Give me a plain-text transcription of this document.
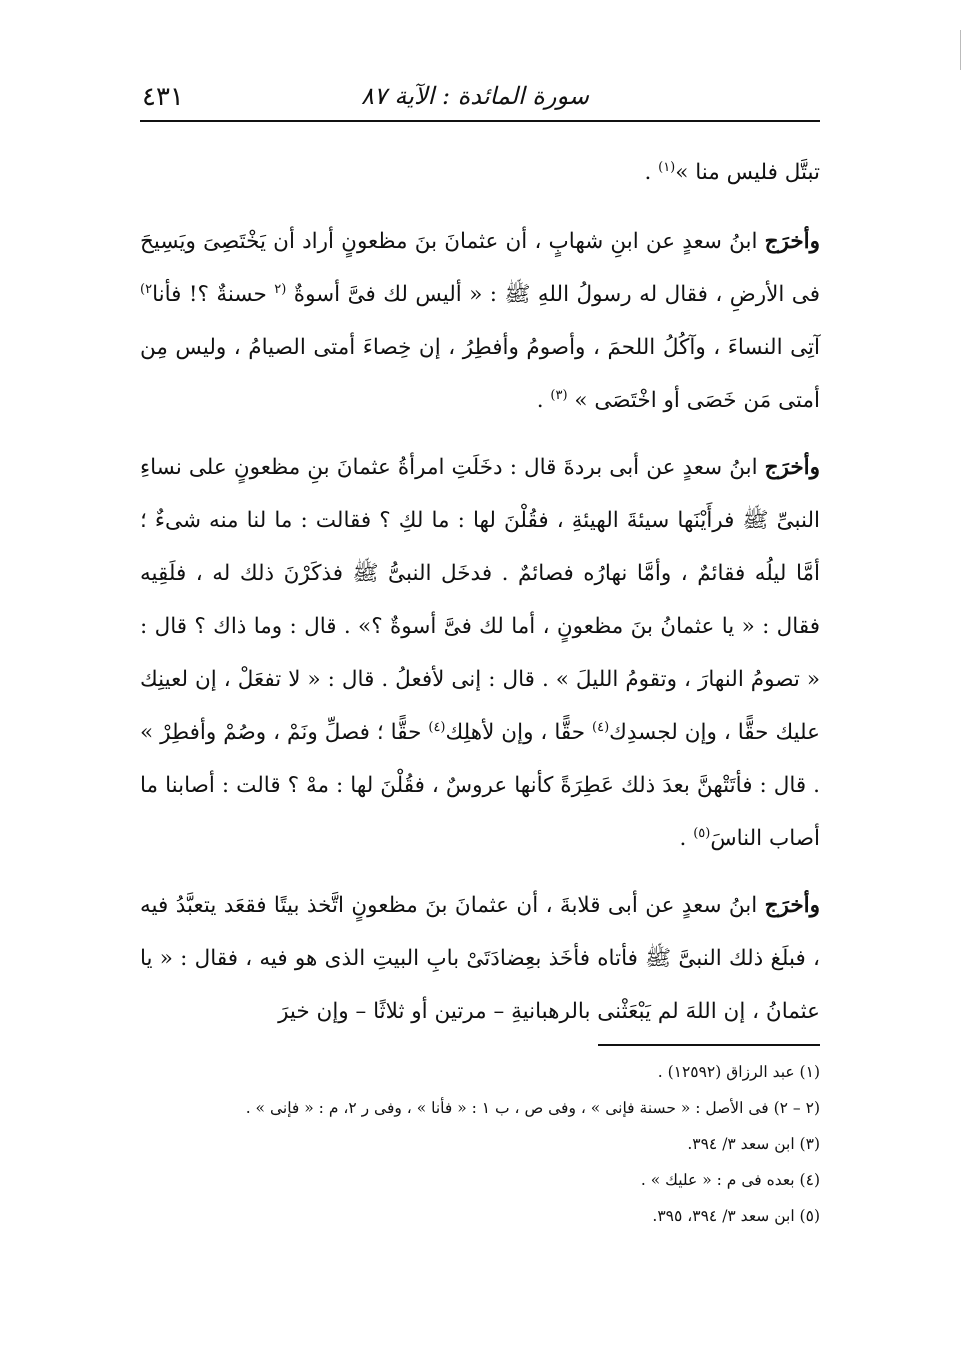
٤٣١	سورة المائدة : الآية ٨٧

تبتَّل فليس منا »$^{(١)}$ .

وأخرَج ابنُ سعدٍ عن ابنِ شهابٍ ، أن عثمانَ بنَ مظعونٍ أراد أن يَخْتَصِىَ ويَسِيحَ فى الأرضِ ، فقال له رسولُ اللهِ ﷺ : « أليس لك فىَّ أسوةٌ $^{(٢}$ حسنةٌ ؟! فأنا$^{٢)}$ آتِى النساءَ ، وآكُلُ اللحمَ ، وأصومُ وأفطِرُ ، إن خِصاءَ أمتى الصيامُ ، وليس مِن أمتى مَن خَصَى أو اخْتَصَى » $^{(٣)}$ .

وأخرَج ابنُ سعدٍ عن أبى بردةَ قال : دخَلَتِ امرأةُ عثمانَ بنِ مظعونٍ على نساءِ النبىِّ ﷺ فرأَيْنَها سيئةَ الهيئةِ ، فقُلْنَ لها : ما لكِ ؟ فقالت : ما لنا منه شىءٌ ؛ أمَّا ليلُه فقائمٌ ، وأمَّا نهارُه فصائمٌ . فدخَل النبىُّ ﷺ فذكَرْنَ ذلك له ، فلَقِيه فقال : « يا عثمانُ بنَ مظعونٍ ، أما لك فىَّ أسوةٌ ؟» . قال : وما ذاك ؟ قال : « تصومُ النهارَ ، وتقومُ الليلَ » . قال : إنى لأفعلُ . قال : « لا تفعَلْ ، إن لعينِك عليك حقًّا ، وإن لجسدِك$^{(٤)}$ حقًّا ، وإن لأهلِك$^{(٤)}$ حقًّا ؛ فصلِّ ونَمْ ، وصُمْ وأفطِرْ » . قال : فأتَتْهنَّ بعدَ ذلك عَطِرَةً كأنها عروسٌ ، فقُلْنَ لها : مهْ ؟ قالت : أصابنا ما أصاب الناسَ$^{(٥)}$ .

وأخرَج ابنُ سعدٍ عن أبى قلابةَ ، أن عثمانَ بنَ مظعونٍ اتَّخذ بيتًا فقعَد يتعبَّدُ فيه ، فبلَغ ذلك النبىَّ ﷺ فأتاه فأخَذ بعِضادَتَىْ بابِ البيتِ الذى هو فيه ، فقال : « يا عثمانُ ، إن اللهَ لم يَبْعَثْنى بالرهبانيةِ – مرتين أو ثلاثًا – وإن خيرَ

(١) عبد الرزاق (١٢٥٩٢) .

(٢ – ٢) فى الأصل : « حسنة فإنى » ، وفى ص ، ب ١ : « فأنا » ، وفى ر ٢، م : « فإنى » .

(٣) ابن سعد ٣/ ٣٩٤.

(٤) بعده فى م : « عليك » .

(٥) ابن سعد ٣/ ٣٩٤، ٣٩٥.
